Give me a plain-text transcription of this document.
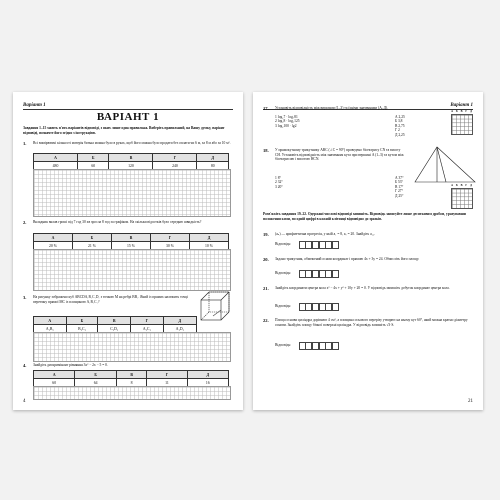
Варіант 1
ВАРІАНТ 1
Завдання 1–15 мають п'ять варіантів відповіді, з яких лише одна правильна. Виберіть правильний, на Вашу думку, варіант відповіді, позначте його згідно з інструкцією.
1. Всі вимірювачі кількості матерія батька можна було в руках, щоб його можна було продати без оплати чи 6 м, за 8 м або за 10 м².
А	Б	В	Г	Д
480	60	120	240	80
2. Вкладник вклав гроші під 7 год 30 хв зросла 8 год за графіком. На скільки відсотків було середню швидкість?
А	Б	В	Г	Д
20 %	21 %	15 %	30 %	10 %
3. На рисунку зображено куб ABCDA₁B₁C₁D₁ з точкою M на ребрі BB₁. Який із прямих належить точці перетину прямої MC із площиною A₁B₁C₁?
А	Б	В	Г	Д
A₁B₁	B₁C₁	C₁D₁	A₁C₁	A₁D₁
4. Знайдіть дискримінант рівняння 3x² − 2x − 5 = 0.
А	Б	В	Г	Д
60	64	8	11	16
4
Варіант 1
17. Установіть відповідність між виразами (1–3) та їхніми значеннями (А–Д).
1 log₂7 · log₇81
2 log₃8 · log₂125
3 log₂100 · lg2
А 2,25
Б 3,8
В 2,75
Г 2
Д 2,25
А Б В Г Д
18. У прямокутному трикутнику ABC (∠C = 90°) проведено бісектрису CN та висоту CH. Установіть відповідність між значенням кута при вершині A (1–3) та кутом між бісектрисою і висотою HCN.
1 8°
2 32°
3 20°
А 37°
Б 53°
В 17°
Г 27°
Д 25°
А Б В Г Д
Розв'яжіть завдання 19–22. Одержані числові відповіді запишіть. Відповідь записуйте лише десятковим дробом, урахувавши положення коми, по одній цифрі в кожній клітинці відповідно до зразків.
19. (aₙ) — арифметична прогресія, у якій a₁ = 8, a₇ = 20. Знайдіть a₂₀.
Відповідь:
20. Задано трикутник, обмежений осями координат і прямою 4x + 3y = 24. Обчисліть його площу.
Відповідь:
21. Знайдіть координати центра кола x² − 4x + y² + 10y + 20 = 0. У відповідь запишіть добуток координат центра кола.
Відповідь:
22. Площа основи циліндра дорівнює 4 см², а площина осьового перерізу утворює на ньому кут 60°, який можна кратно діаметру основи. Знайдіть площу бічної поверхні циліндра. У відповідь запишіть √3·S.
Відповідь:
21
